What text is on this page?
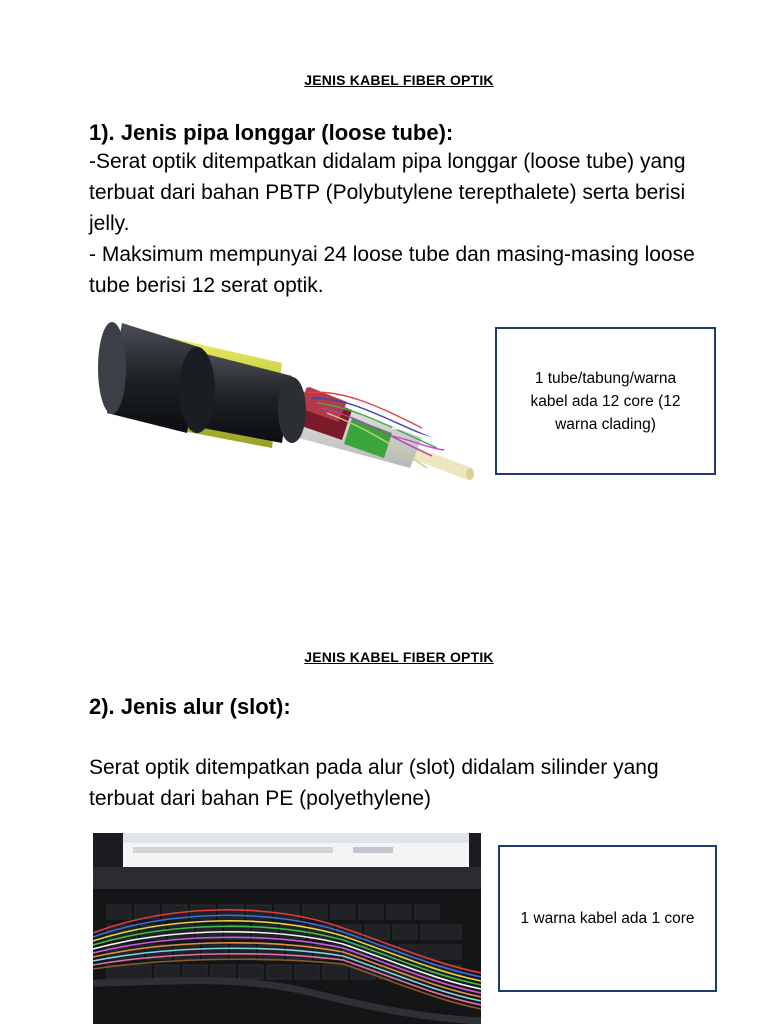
JENIS KABEL FIBER OPTIK
1). Jenis pipa longgar (loose tube):
-Serat optik ditempatkan didalam pipa longgar (loose tube) yang terbuat dari bahan PBTP (Polybutylene terepthalete) serta berisi jelly.
- Maksimum mempunyai 24 loose tube dan masing-masing loose tube berisi 12 serat optik.
1 tube/tabung/warna kabel ada 12 core (12 warna clading)
JENIS KABEL FIBER OPTIK
2). Jenis alur (slot):
Serat optik ditempatkan pada alur (slot) didalam silinder yang terbuat dari bahan PE (polyethylene)
1 warna kabel ada 1 core
